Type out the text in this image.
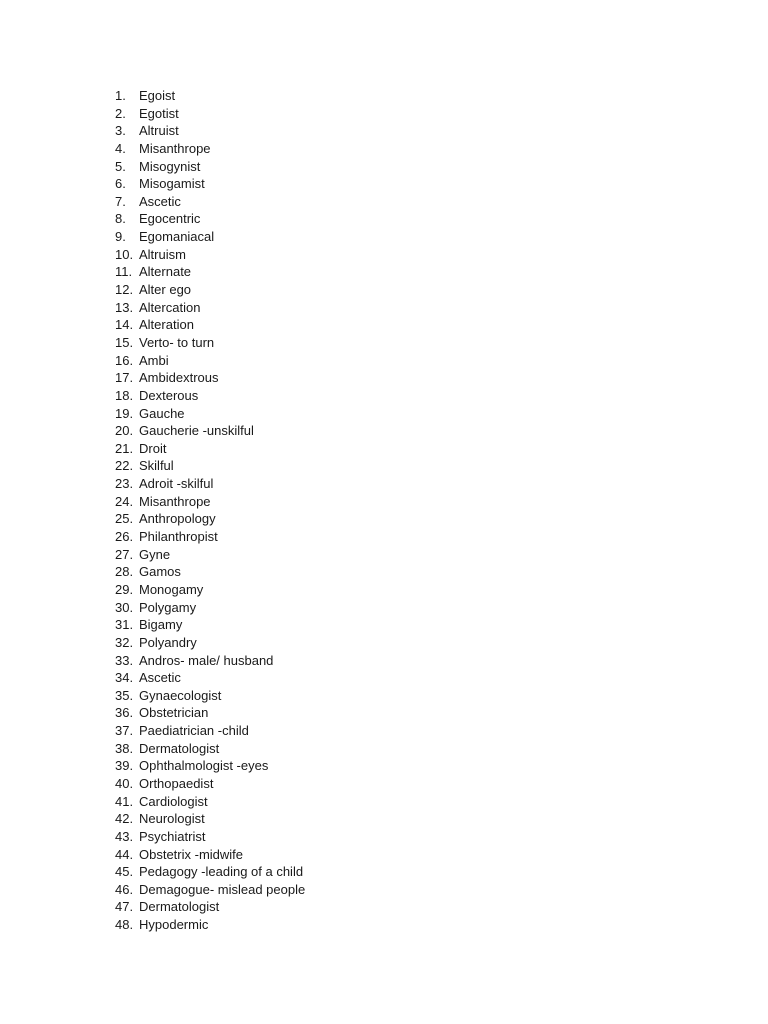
1.	Egoist
2.	Egotist
3.	Altruist
4.	Misanthrope
5.	Misogynist
6.	Misogamist
7.	Ascetic
8.	Egocentric
9.	Egomaniacal
10. Altruism
11. Alternate
12. Alter ego
13. Altercation
14. Alteration
15. Verto- to turn
16. Ambi
17. Ambidextrous
18. Dexterous
19. Gauche
20. Gaucherie -unskilful
21. Droit
22. Skilful
23. Adroit -skilful
24. Misanthrope
25. Anthropology
26. Philanthropist
27. Gyne
28. Gamos
29. Monogamy
30. Polygamy
31. Bigamy
32. Polyandry
33. Andros- male/ husband
34. Ascetic
35. Gynaecologist
36. Obstetrician
37. Paediatrician -child
38. Dermatologist
39. Ophthalmologist -eyes
40. Orthopaedist
41. Cardiologist
42. Neurologist
43. Psychiatrist
44. Obstetrix -midwife
45. Pedagogy -leading of a child
46. Demagogue- mislead people
47. Dermatologist
48. Hypodermic
